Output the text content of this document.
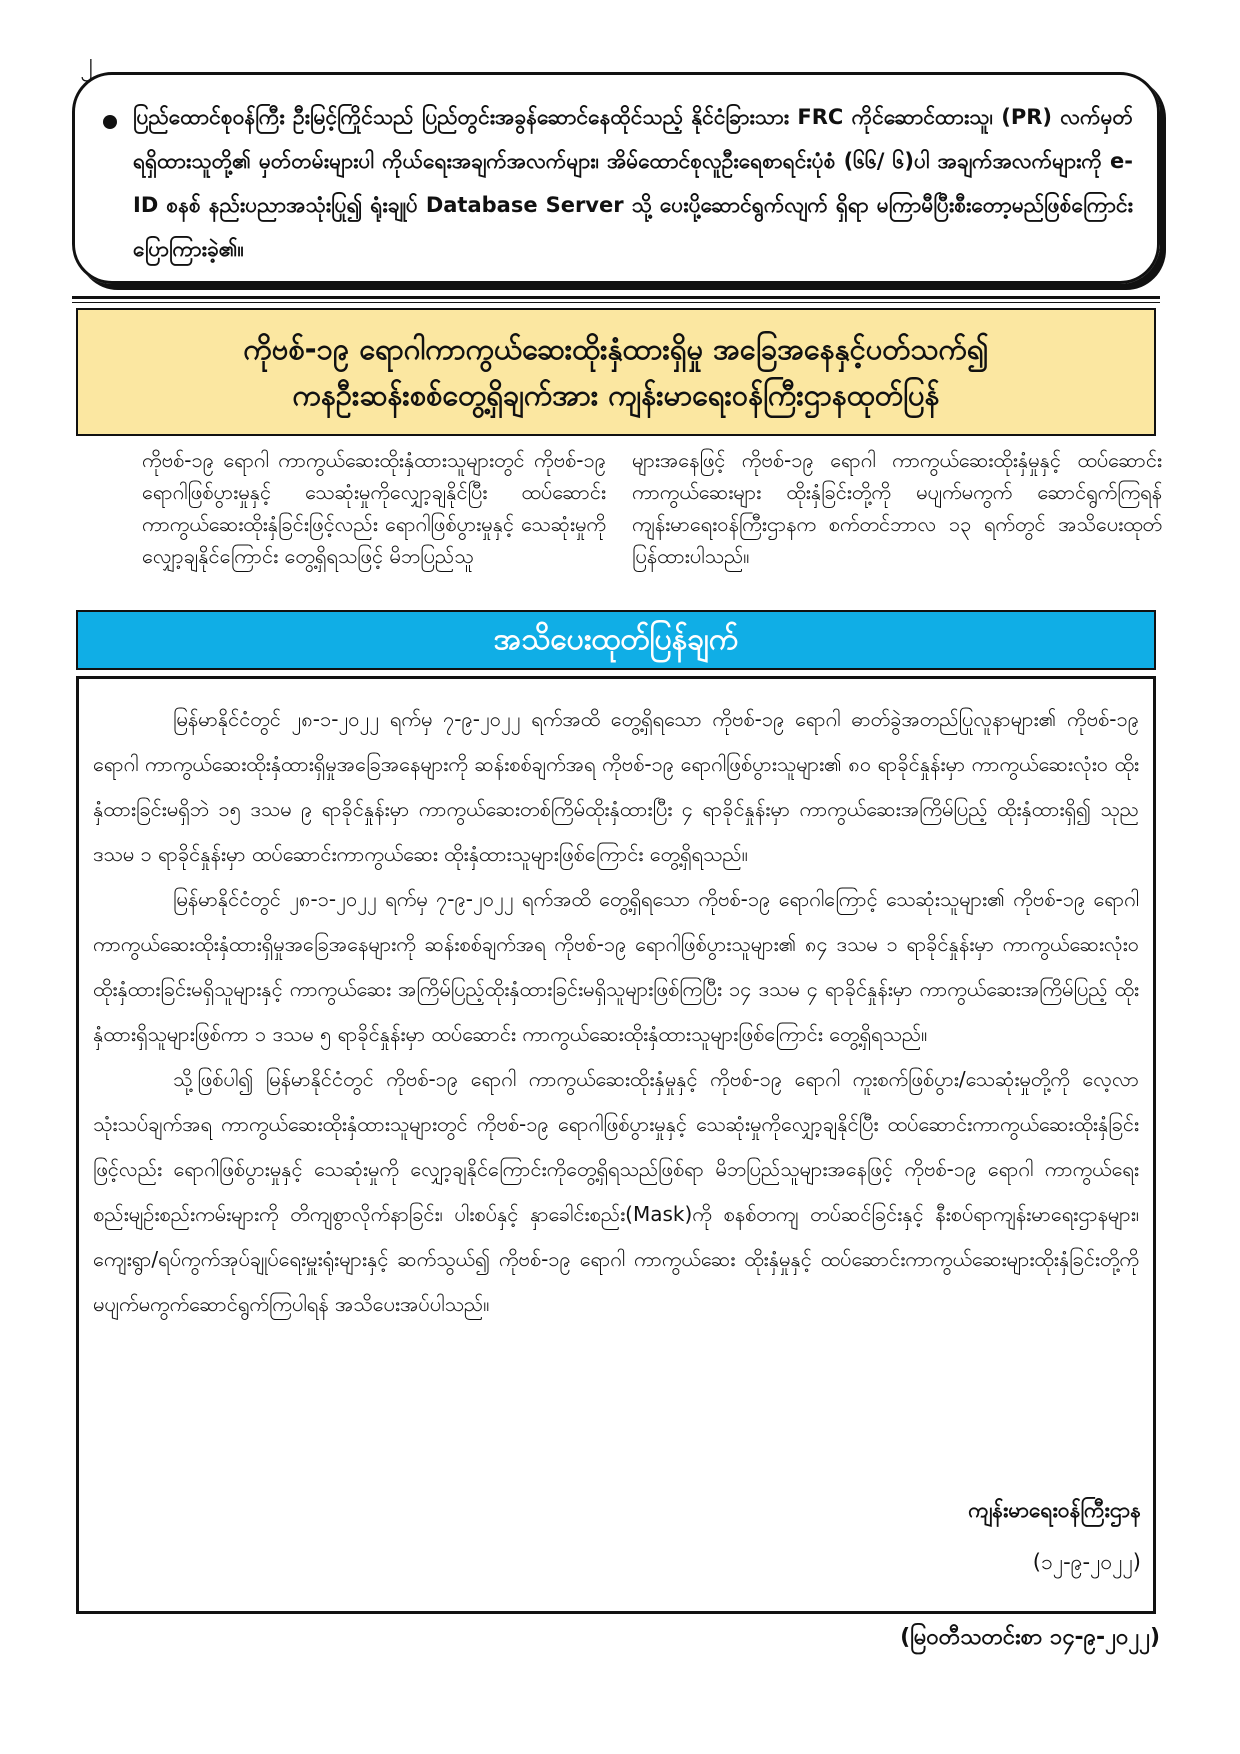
၂

ပြည်ထောင်စုဝန်ကြီး ဦးမြင့်ကြိုင်သည် ပြည်တွင်းအခွန်ဆောင်နေထိုင်သည့် နိုင်ငံခြားသား FRC ကိုင်ဆောင်ထားသူ၊ (PR) လက်မှတ်ရရှိထားသူတို့၏ မှတ်တမ်းများပါ ကိုယ်ရေးအချက်အလက်များ၊ အိမ်ထောင်စုလူဦးရေစာရင်းပုံစံ (၆၆/ ၆)ပါ အချက်အလက်များကို e-ID စနစ် နည်းပညာအသုံးပြု၍ ရုံးချုပ် Database Server သို့ ပေးပို့ဆောင်ရွက်လျက် ရှိရာ မကြာမီပြီးစီးတော့မည်ဖြစ်ကြောင်း ပြောကြားခဲ့၏။

ကိုဗစ်-၁၉ ရောဂါကာကွယ်ဆေးထိုးနှံထားရှိမှု အခြေအနေနှင့်ပတ်သက်၍
ကနဦးဆန်းစစ်တွေ့ရှိချက်အား ကျန်းမာရေးဝန်ကြီးဌာနထုတ်ပြန်
ကိုဗစ်-၁၉ ရောဂါ ကာကွယ်ဆေးထိုးနှံထားသူများတွင် ကိုဗစ်-၁၉ ရောဂါဖြစ်ပွားမှုနှင့် သေဆုံးမှုကိုလျှော့ချနိုင်ပြီး ထပ်ဆောင်းကာကွယ်ဆေးထိုးနှံခြင်းဖြင့်လည်း ရောဂါဖြစ်ပွားမှုနှင့် သေဆုံးမှုကို လျှော့ချနိုင်ကြောင်း တွေ့ရှိရသဖြင့် မိဘပြည်သူ
များအနေဖြင့် ကိုဗစ်-၁၉ ရောဂါ ကာကွယ်ဆေးထိုးနှံမှုနှင့် ထပ်ဆောင်းကာကွယ်ဆေးများ ထိုးနှံခြင်းတို့ကို မပျက်မကွက် ဆောင်ရွက်ကြရန် ကျန်းမာရေးဝန်ကြီးဌာနက စက်တင်ဘာလ ၁၃ ရက်တွင် အသိပေးထုတ်ပြန်ထားပါသည်။
အသိပေးထုတ်ပြန်ချက်

မြန်မာနိုင်ငံတွင် ၂၈-၁-၂၀၂၂ ရက်မှ ၇-၉-၂၀၂၂ ရက်အထိ တွေ့ရှိရသော ကိုဗစ်-၁၉ ရောဂါ ဓာတ်ခွဲအတည်ပြုလူနာများ၏ ကိုဗစ်-၁၉ ရောဂါ ကာကွယ်ဆေးထိုးနှံထားရှိမှုအခြေအနေများကို ဆန်းစစ်ချက်အရ ကိုဗစ်-၁၉ ရောဂါဖြစ်ပွားသူများ၏ ၈၀ ရာခိုင်နှုန်းမှာ ကာကွယ်ဆေးလုံးဝ ထိုးနှံထားခြင်းမရှိဘဲ ၁၅ ဒသမ ၉ ရာခိုင်နှုန်းမှာ ကာကွယ်ဆေးတစ်ကြိမ်ထိုးနှံထားပြီး ၄ ရာခိုင်နှုန်းမှာ ကာကွယ်ဆေးအကြိမ်ပြည့် ထိုးနှံထားရှိ၍ သုညဒသမ ၁ ရာခိုင်နှုန်းမှာ ထပ်ဆောင်းကာကွယ်ဆေး ထိုးနှံထားသူများဖြစ်ကြောင်း တွေ့ရှိရသည်။

မြန်မာနိုင်ငံတွင် ၂၈-၁-၂၀၂၂ ရက်မှ ၇-၉-၂၀၂၂ ရက်အထိ တွေ့ရှိရသော ကိုဗစ်-၁၉ ရောဂါကြောင့် သေဆုံးသူများ၏ ကိုဗစ်-၁၉ ရောဂါ ကာကွယ်ဆေးထိုးနှံထားရှိမှုအခြေအနေများကို ဆန်းစစ်ချက်အရ ကိုဗစ်-၁၉ ရောဂါဖြစ်ပွားသူများ၏ ၈၄ ဒသမ ၁ ရာခိုင်နှုန်းမှာ ကာကွယ်ဆေးလုံးဝ ထိုးနှံထားခြင်းမရှိသူများနှင့် ကာကွယ်ဆေး အကြိမ်ပြည့်ထိုးနှံထားခြင်းမရှိသူများဖြစ်ကြပြီး ၁၄ ဒသမ ၄ ရာခိုင်နှုန်းမှာ ကာကွယ်ဆေးအကြိမ်ပြည့် ထိုးနှံထားရှိသူများဖြစ်ကာ ၁ ဒသမ ၅ ရာခိုင်နှုန်းမှာ ထပ်ဆောင်း ကာကွယ်ဆေးထိုးနှံထားသူများဖြစ်ကြောင်း တွေ့ရှိရသည်။

သို့ဖြစ်ပါ၍ မြန်မာနိုင်ငံတွင် ကိုဗစ်-၁၉ ရောဂါ ကာကွယ်ဆေးထိုးနှံမှုနှင့် ကိုဗစ်-၁၉ ရောဂါ ကူးစက်ဖြစ်ပွား/သေဆုံးမှုတို့ကို လေ့လာသုံးသပ်ချက်အရ ကာကွယ်ဆေးထိုးနှံထားသူများတွင် ကိုဗစ်-၁၉ ရောဂါဖြစ်ပွားမှုနှင့် သေဆုံးမှုကိုလျှော့ချနိုင်ပြီး ထပ်ဆောင်းကာကွယ်ဆေးထိုးနှံခြင်းဖြင့်လည်း ရောဂါဖြစ်ပွားမှုနှင့် သေဆုံးမှုကို လျှော့ချနိုင်ကြောင်းကိုတွေ့ရှိရသည်ဖြစ်ရာ မိဘပြည်သူများအနေဖြင့် ကိုဗစ်-၁၉ ရောဂါ ကာကွယ်ရေး စည်းမျဉ်းစည်းကမ်းများကို တိကျစွာလိုက်နာခြင်း၊ ပါးစပ်နှင့် နှာခေါင်းစည်း(Mask)ကို စနစ်တကျ တပ်ဆင်ခြင်းနှင့် နီးစပ်ရာကျန်းမာရေးဌာနများ၊ ကျေးရွာ/ရပ်ကွက်အုပ်ချုပ်ရေးမှူးရုံးများနှင့် ဆက်သွယ်၍ ကိုဗစ်-၁၉ ရောဂါ ကာကွယ်ဆေး ထိုးနှံမှုနှင့် ထပ်ဆောင်းကာကွယ်ဆေးများထိုးနှံခြင်းတို့ကို မပျက်မကွက်ဆောင်ရွက်ကြပါရန် အသိပေးအပ်ပါသည်။

ကျန်းမာရေးဝန်ကြီးဌာန
(၁၂-၉-၂၀၂၂)
(မြဝတီသတင်းစာ ၁၄-၉-၂၀၂၂)
